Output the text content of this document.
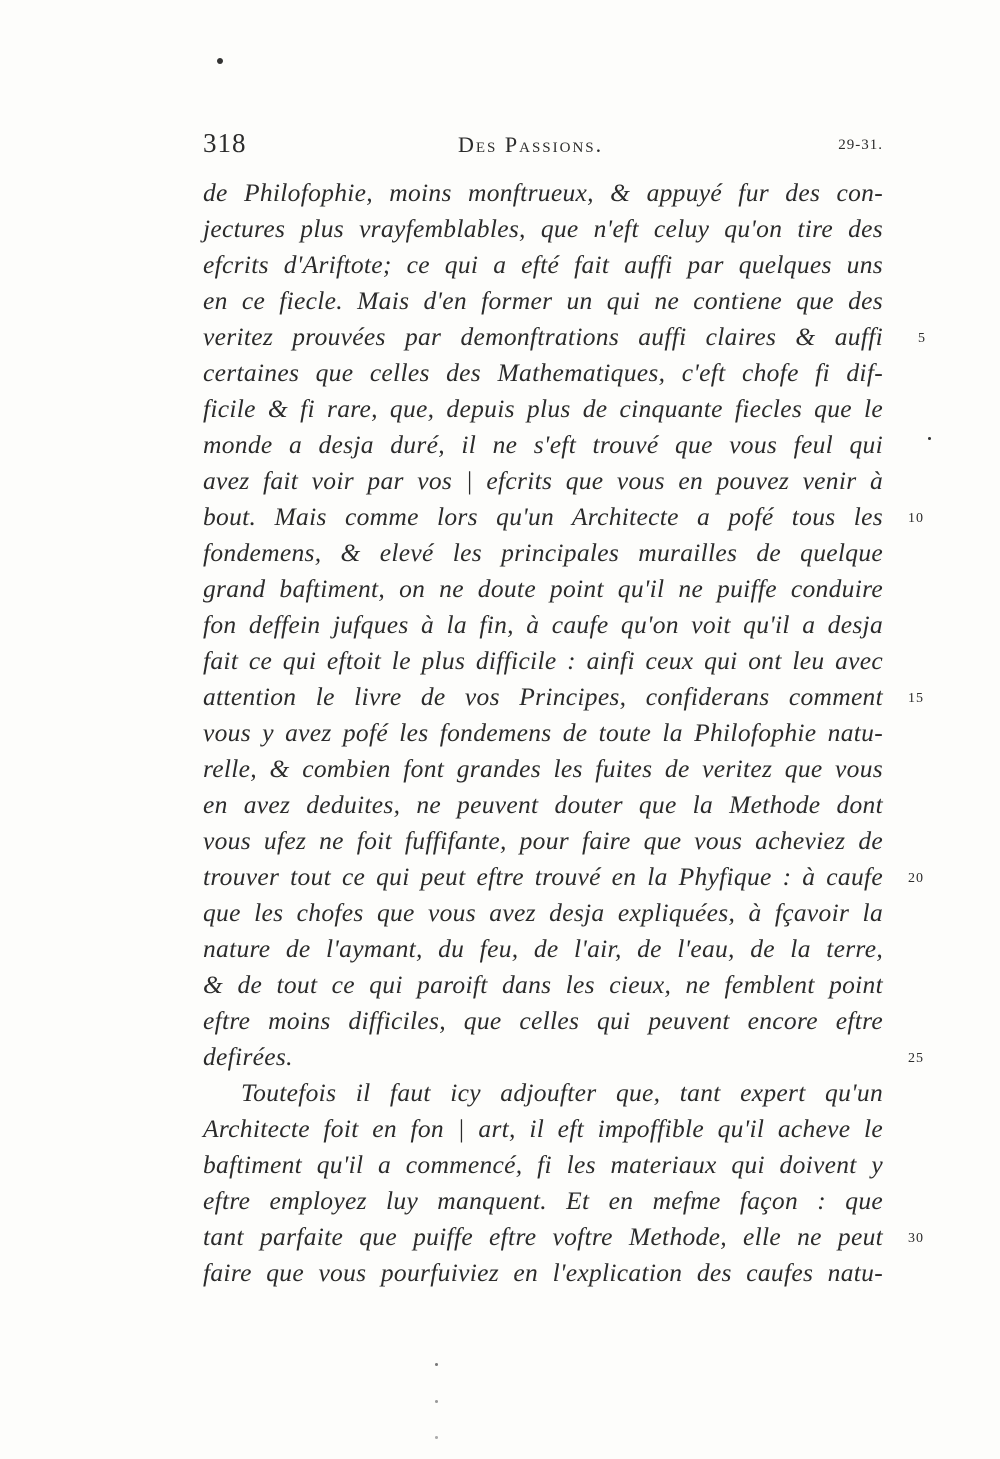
318	Des Passions.	29-31.
de Philofophie, moins monftrueux, & appuyé fur des con-
jectures plus vrayfemblables, que n'eft celuy qu'on tire des
efcrits d'Ariftote; ce qui a efté fait auffi par quelques uns
en ce fiecle. Mais d'en former un qui ne contiene que des
veritez prouvées par demonftrations auffi claires & auffi
certaines que celles des Mathematiques, c'eft chofe fi dif-
ficile & fi rare, que, depuis plus de cinquante fiecles que le
monde a desja duré, il ne s'eft trouvé que vous feul qui
avez fait voir par vos | efcrits que vous en pouvez venir à
bout. Mais comme lors qu'un Architecte a pofé tous les
fondemens, & elevé les principales murailles de quelque
grand baftiment, on ne doute point qu'il ne puiffe conduire
fon deffein jufques à la fin, à caufe qu'on voit qu'il a desja
fait ce qui eftoit le plus difficile : ainfi ceux qui ont leu avec
attention le livre de vos Principes, confiderans comment
vous y avez pofé les fondemens de toute la Philofophie natu-
relle, & combien font grandes les fuites de veritez que vous
en avez deduites, ne peuvent douter que la Methode dont
vous ufez ne foit fuffifante, pour faire que vous acheviez de
trouver tout ce qui peut eftre trouvé en la Phyfique : à caufe
que les chofes que vous avez desja expliquées, à fçavoir la
nature de l'aymant, du feu, de l'air, de l'eau, de la terre,
& de tout ce qui paroift dans les cieux, ne femblent point
eftre moins difficiles, que celles qui peuvent encore eftre
defirées.
Toutefois il faut icy adjoufter que, tant expert qu'un
Architecte foit en fon | art, il eft impoffible qu'il acheve le
baftiment qu'il a commencé, fi les materiaux qui doivent y
eftre employez luy manquent. Et en mefme façon : que
tant parfaite que puiffe eftre voftre Methode, elle ne peut
faire que vous pourfuiviez en l'explication des caufes natu-
5
10
15
20
25
30
